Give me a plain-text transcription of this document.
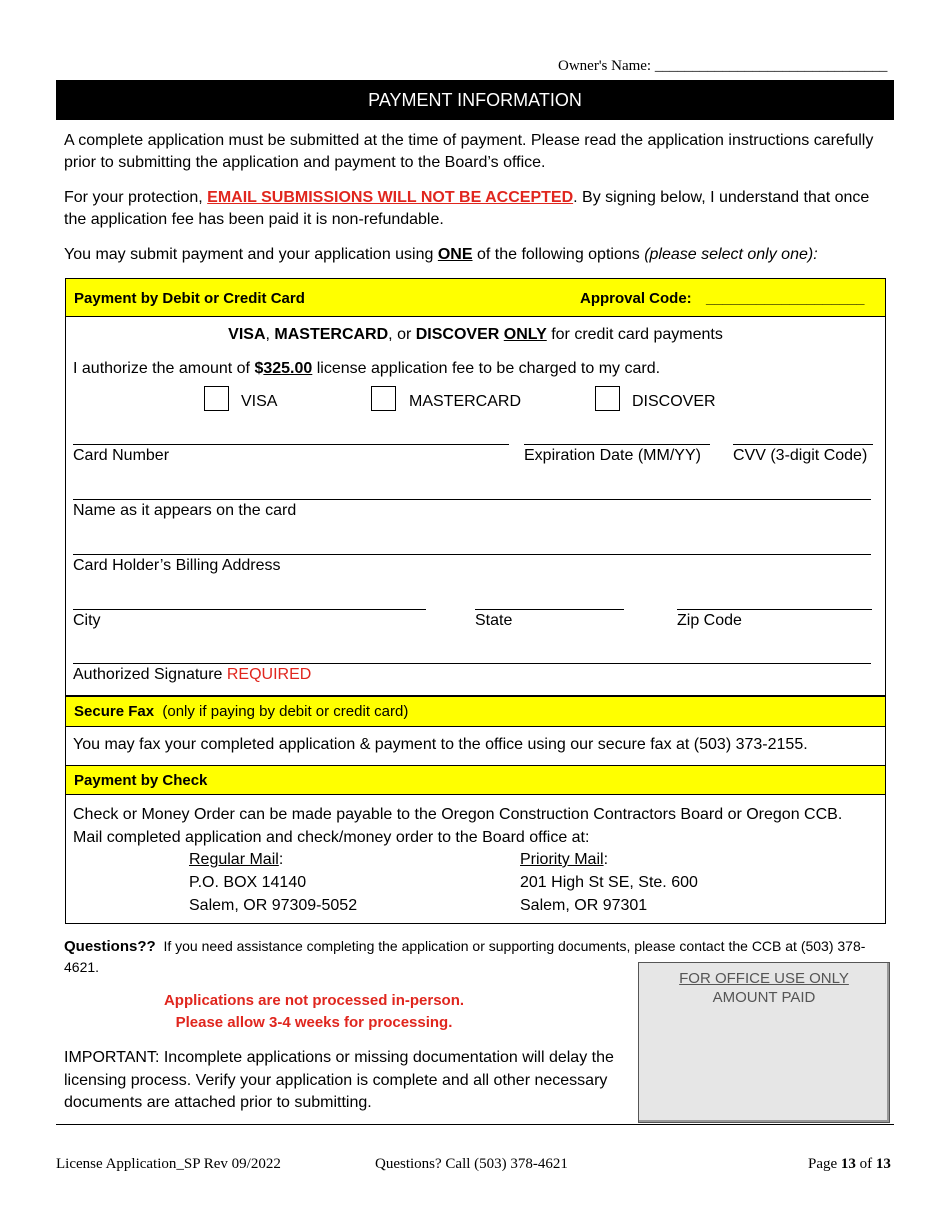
Owner's Name: _______________________________
PAYMENT INFORMATION
A complete application must be submitted at the time of payment. Please read the application instructions carefully prior to submitting the application and payment to the Board’s office.
For your protection, EMAIL SUBMISSIONS WILL NOT BE ACCEPTED. By signing below, I understand that once the application fee has been paid it is non-refundable.
You may submit payment and your application using ONE of the following options (please select only one):
Payment by Debit or Credit Card	Approval Code: ___________________
VISA, MASTERCARD, or DISCOVER ONLY for credit card payments
I authorize the amount of $325.00 license application fee to be charged to my card.
VISA	MASTERCARD	DISCOVER
Card Number	Expiration Date (MM/YY) CVV (3-digit Code)
Name as it appears on the card
Card Holder’s Billing Address
City	State	Zip Code
Authorized Signature REQUIRED
Secure Fax  (only if paying by debit or credit card)
You may fax your completed application & payment to the office using our secure fax at (503) 373-2155.
Payment by Check
Check or Money Order can be made payable to the Oregon Construction Contractors Board or Oregon CCB. Mail completed application and check/money order to the Board office at:
Regular Mail:
P.O. BOX 14140
Salem, OR 97309-5052
Priority Mail:
201 High St SE, Ste. 600
Salem, OR 97301
Questions??  If you need assistance completing the application or supporting documents, please contact the CCB at (503) 378-4621.
Applications are not processed in-person.
Please allow 3-4 weeks for processing.
IMPORTANT: Incomplete applications or missing documentation will delay the licensing process. Verify your application is complete and all other necessary documents are attached prior to submitting.
FOR OFFICE USE ONLY
AMOUNT PAID
License Application_SP Rev 09/2022	Questions? Call (503) 378-4621	Page 13 of 13
